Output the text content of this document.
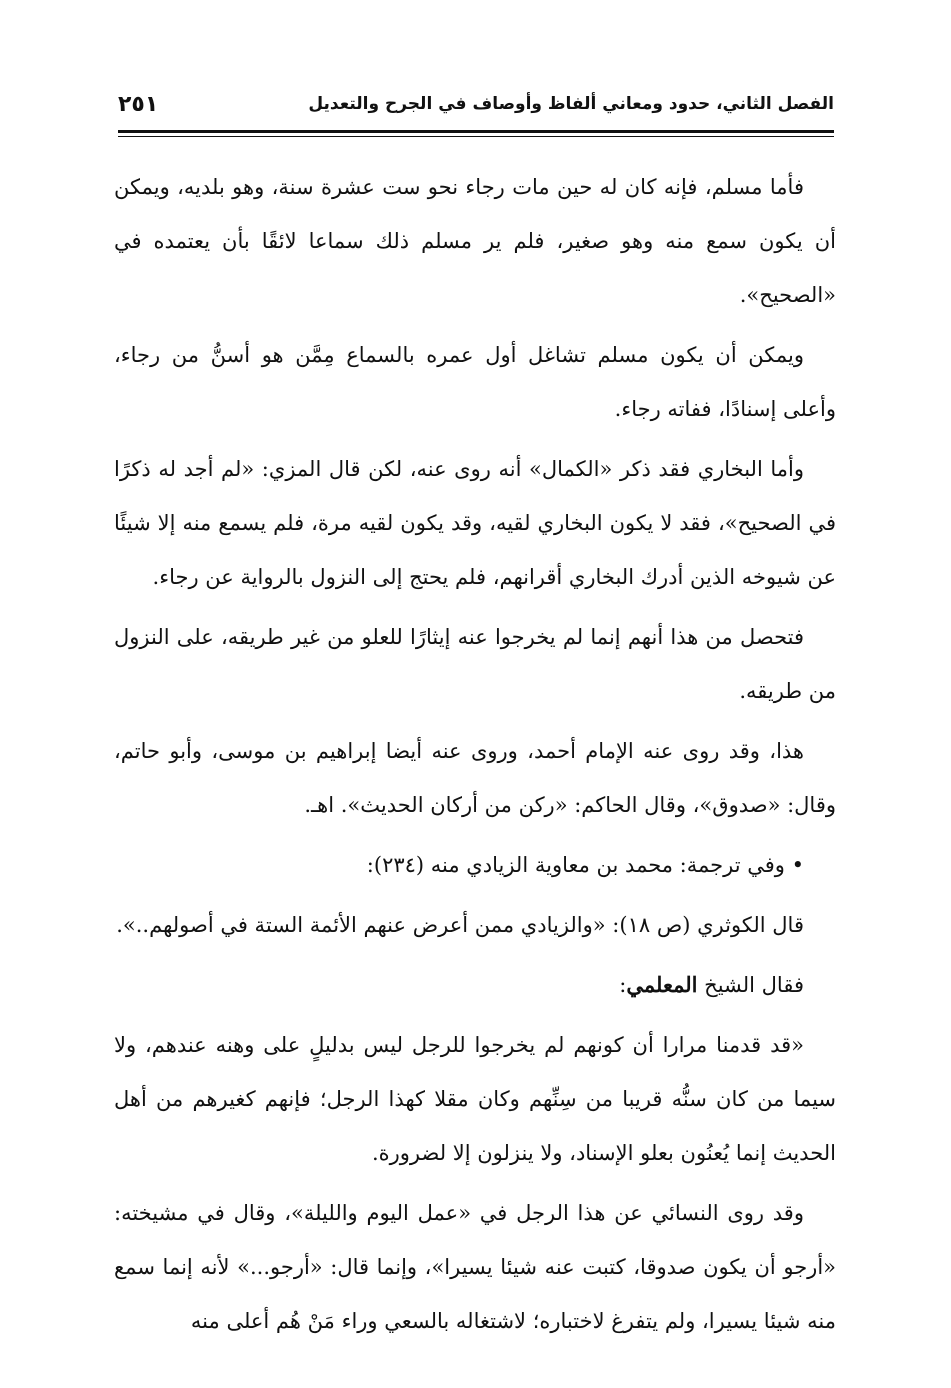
الفصل الثاني، حدود ومعاني ألفاظ وأوصاف في الجرح والتعديل
٢٥١

فأما مسلم، فإنه كان له حين مات رجاء نحو ست عشرة سنة، وهو بلديه، ويمكن أن يكون سمع منه وهو صغير، فلم ير مسلم ذلك سماعا لائقًا بأن يعتمده في «الصحيح».

ويمكن أن يكون مسلم تشاغل أول عمره بالسماع مِمَّن هو أسنُّ من رجاء، وأعلى إسنادًا، ففاته رجاء.

وأما البخاري فقد ذكر «الكمال» أنه روى عنه، لكن قال المزي: «لم أجد له ذكرًا في الصحيح»، فقد لا يكون البخاري لقيه، وقد يكون لقيه مرة، فلم يسمع منه إلا شيئًا عن شيوخه الذين أدرك البخاري أقرانهم، فلم يحتج إلى النزول بالرواية عن رجاء.

فتحصل من هذا أنهم إنما لم يخرجوا عنه إيثارًا للعلو من غير طريقه، على النزول من طريقه.

هذا، وقد روى عنه الإمام أحمد، وروى عنه أيضا إبراهيم بن موسى، وأبو حاتم، وقال: «صدوق»، وقال الحاكم: «ركن من أركان الحديث». اهـ.

• وفي ترجمة: محمد بن معاوية الزيادي منه (٢٣٤):

قال الكوثري (ص ١٨): «والزيادي ممن أعرض عنهم الأئمة الستة في أصولهم..».

فقال الشيخ المعلمي:

«قد قدمنا مرارا أن كونهم لم يخرجوا للرجل ليس بدليلٍ على وهنه عندهم، ولا سيما من كان سنُّه قريبا من سِنِّهم وكان مقلا كهذا الرجل؛ فإنهم كغيرهم من أهل الحديث إنما يُعنُون بعلو الإسناد، ولا ينزلون إلا لضرورة.

وقد روى النسائي عن هذا الرجل في «عمل اليوم والليلة»، وقال في مشيخته: «أرجو أن يكون صدوقا، كتبت عنه شيئا يسيرا»، وإنما قال: «أرجو...» لأنه إنما سمع منه شيئا يسيرا، ولم يتفرغ لاختباره؛ لاشتغاله بالسعي وراء مَنْ هُم أعلى منه
